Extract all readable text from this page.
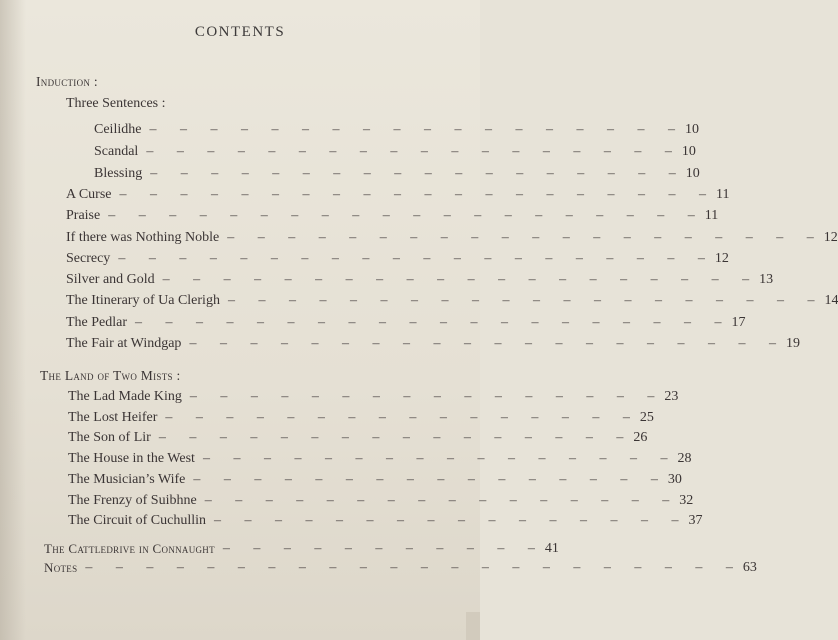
CONTENTS
Induction :
Three Sentences :
Ceilidhe – – – – – – – – – – – – – – – – – – 10
Scandal – – – – – – – – – – – – – – – – – – 10
Blessing – – – – – – – – – – – – – – – – – – 10
A Curse – – – – – – – – – – – – – – – – – – – – 11
Praise – – – – – – – – – – – – – – – – – – – – 11
If there was Nothing Noble – – – – – – – – – – – – – – – – – – – – 12
Secrecy – – – – – – – – – – – – – – – – – – – – 12
Silver and Gold – – – – – – – – – – – – – – – – – – – – 13
The Itinerary of Ua Clerigh – – – – – – – – – – – – – – – – – – – – 14
The Pedlar – – – – – – – – – – – – – – – – – – – – 17
The Fair at Windgap – – – – – – – – – – – – – – – – – – – – 19
The Land of Two Mists :
The Lad Made King – – – – – – – – – – – – – – – – 23
The Lost Heifer – – – – – – – – – – – – – – – – 25
The Son of Lir – – – – – – – – – – – – – – – – 26
The House in the West – – – – – – – – – – – – – – – – 28
The Musician’s Wife – – – – – – – – – – – – – – – – 30
The Frenzy of Suibhne – – – – – – – – – – – – – – – – 32
The Circuit of Cuchullin – – – – – – – – – – – – – – – – 37
The Cattledrive in Connaught – – – – – – – – – – – 41
Notes – – – – – – – – – – – – – – – – – – – – – – 63
